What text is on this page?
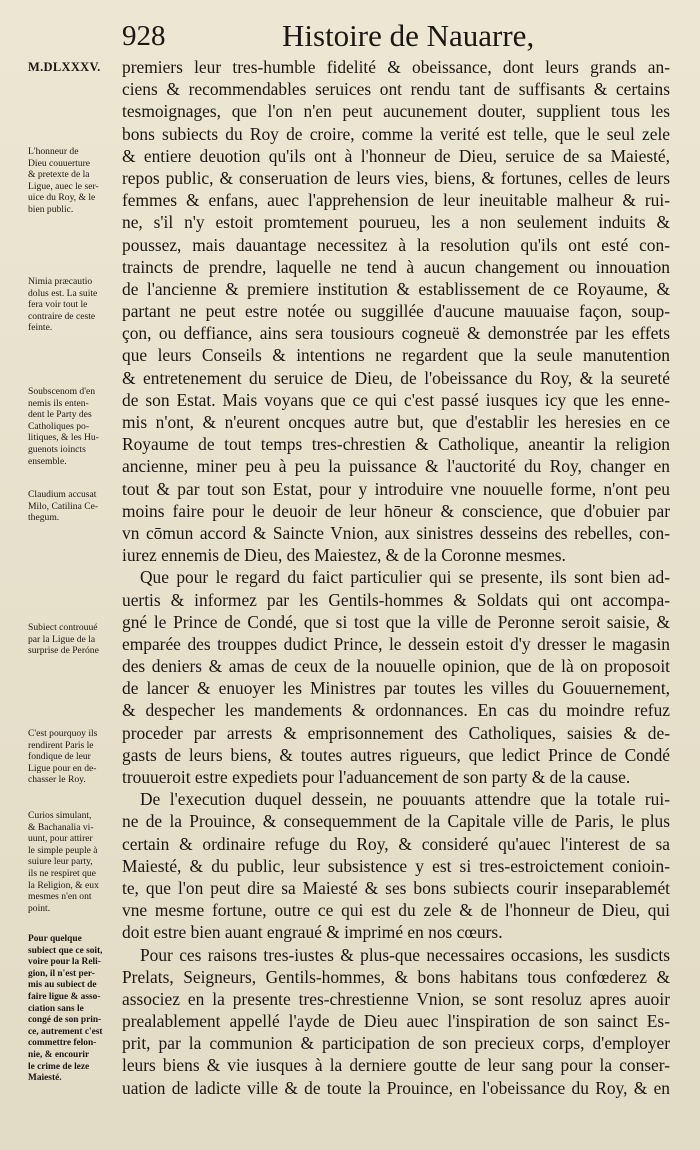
928	Histoire de Nauarre,
M.DLXXXV. premiers leur tres-humble fidelité & obeissance, dont leurs grands an-
ciens & recommendables seruices ont rendu tant de suffisants & certains
tesmoignages, que l'on n'en peut aucunement douter, supplient tous les
bons subiects du Roy de croire, comme la verité est telle, que le seul zele
& entiere deuotion qu'ils ont à l'honneur de Dieu, seruice de sa Maiesté,
repos public, & conseruation de leurs vies, biens, & fortunes, celles de leurs
femmes & enfans, auec l'apprehension de leur ineuitable malheur & rui-
ne, s'il n'y estoit promtement pourueu, les a non seulement induits &
poussez, mais dauantage necessitez à la resolution qu'ils ont esté con-
traincts de prendre, laquelle ne tend à aucun changement ou innouation
de l'ancienne & premiere institution & establissement de ce Royaume, &
partant ne peut estre notée ou suggillée d'aucune mauuaise façon, soup-
çon, ou deffiance, ains sera tousiours cogneuë & demonstrée par les effets
que leurs Conseils & intentions ne regardent que la seule manutention
& entretenement du seruice de Dieu, de l'obeissance du Roy, & la seureté
de son Estat. Mais voyans que ce qui c'est passé iusques icy que les enne-
mis n'ont, & n'eurent oncques autre but, que d'establir les heresies en ce
Royaume de tout temps tres-chrestien & Catholique, aneantir la religion
ancienne, miner peu à peu la puissance & l'auctorité du Roy, changer en
tout & par tout son Estat, pour y introduire vne nouuelle forme, n'ont peu
moins faire pour le deuoir de leur hōneur & conscience, que d'obuier par
vn cōmun accord & Saincte Vnion, aux sinistres desseins des rebelles, con-
iurez ennemis de Dieu, des Maiestez, & de la Coronne mesmes.
Que pour le regard du faict particulier qui se presente, ils sont bien ad-
uertis & informez par les Gentils-hommes & Soldats qui ont accompa-
gné le Prince de Condé, que si tost que la ville de Peronne seroit saisie, &
emparée des trouppes dudict Prince, le dessein estoit d'y dresser le magasin
des deniers & amas de ceux de la nouuelle opinion, que de là on proposoit
de lancer & enuoyer les Ministres par toutes les villes du Gouuernement,
& despecher les mandements & ordonnances. En cas du moindre refuz
proceder par arrests & emprisonnement des Catholiques, saisies & de-
gasts de leurs biens, & toutes autres rigueurs, que ledict Prince de Condé
trouueroit estre expediets pour l'aduancement de son party & de la cause.
De l'execution duquel dessein, ne pouuants attendre que la totale rui-
ne de la Prouince, & consequemment de la Capitale ville de Paris, le plus
certain & ordinaire refuge du Roy, & consideré qu'auec l'interest de sa
Maiesté, & du public, leur subsistence y est si tres-estroictement conioin-
te, que l'on peut dire sa Maiesté & ses bons subiects courir inseparablemét
vne mesme fortune, outre ce qui est du zele & de l'honneur de Dieu, qui
doit estre bien auant engraué & imprimé en nos cœurs.
Pour ces raisons tres-iustes & plus-que necessaires occasions, les susdicts
Prelats, Seigneurs, Gentils-hommes, & bons habitans tous confœderez &
associez en la presente tres-chrestienne Vnion, se sont resoluz apres auoir
prealablement appellé l'ayde de Dieu auec l'inspiration de son sainct Es-
prit, par la communion & participation de son precieux corps, d'employer
leurs biens & vie iusques à la derniere goutte de leur sang pour la conser-
uation de ladicte ville & de toute la Prouince, en l'obeissance du Roy, & en
L'honneur de
Dieu couuerture
& pretexte de la
Ligue, auec le ser-
uice du Roy, & le
bien public.
Nimia præcautio
dolus est. La suite
fera voir tout le
contraire de ceste
feinte.
Soubscenom d'en
nemis ils enten-
dent le Party des
Catholiques po-
litiques, & les Hu-
guenots ioincts
ensemble.
Claudium accusat
Milo, Catilina Ce-
thegum.
Subiect controuué
par la Ligue de la
surprise de Peróne
C'est pourquoy ils
rendirent Paris le
fondique de leur
Ligue pour en de-
chasser le Roy.
Curios simulant,
& Bachanalia vi-
uunt, pour attirer
le simple peuple à
suiure leur party,
ils ne respiret que
la Religion, & eux
mesmes n'en ont
point.
Pour quelque
subiect que ce soit,
voire pour la Reli-
gion, il n'est per-
mis au subiect de
faire ligue & asso-
ciation sans le
congé de son prin-
ce, autrement c'est
commettre felon-
nie, & encourir
le crime de leze
Maiesté.
